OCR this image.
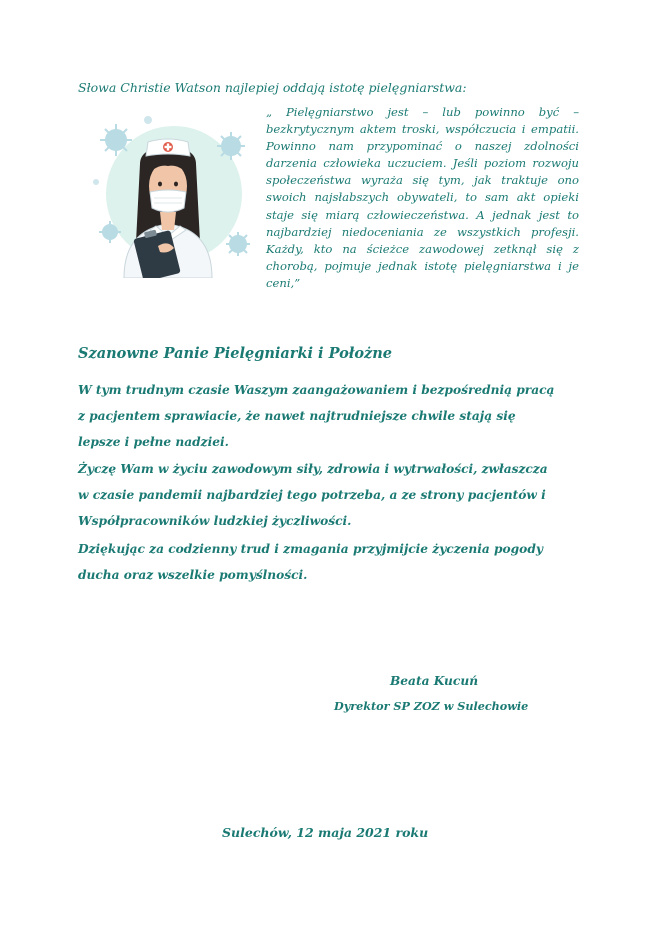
Słowa Christie Watson najlepiej oddają istotę pielęgniarstwa:

„ Pielęgniarstwo jest – lub powinno być – bezkrytycznym aktem troski, współczucia i empatii. Powinno nam przypominać o naszej zdolności darzenia człowieka uczuciem. Jeśli poziom rozwoju społeczeństwa wyraża się tym, jak traktuje ono swoich najsłabszych obywateli, to sam akt opieki staje się miarą człowieczeństwa. A jednak jest to najbardziej niedoceniania ze wszystkich profesji. Każdy, kto na ścieżce zawodowej zetknął się z chorobą, pojmuje jednak istotę pielęgniarstwa i je ceni,”

Szanowne Panie Pielęgniarki i Położne

W tym trudnym czasie Waszym zaangażowaniem i bezpośrednią pracą z pacjentem sprawiacie, że nawet najtrudniejsze chwile stają się lepsze i pełne nadziei.

Życzę Wam w życiu zawodowym siły, zdrowia i wytrwałości, zwłaszcza w czasie pandemii najbardziej tego potrzeba, a ze strony pacjentów i Współpracowników ludzkiej życzliwości.

Dziękując za codzienny trud i zmagania przyjmijcie życzenia pogody ducha oraz wszelkie pomyślności.

Beata Kucuń
Dyrektor SP ZOZ w Sulechowie
Sulechów, 12 maja 2021 roku
